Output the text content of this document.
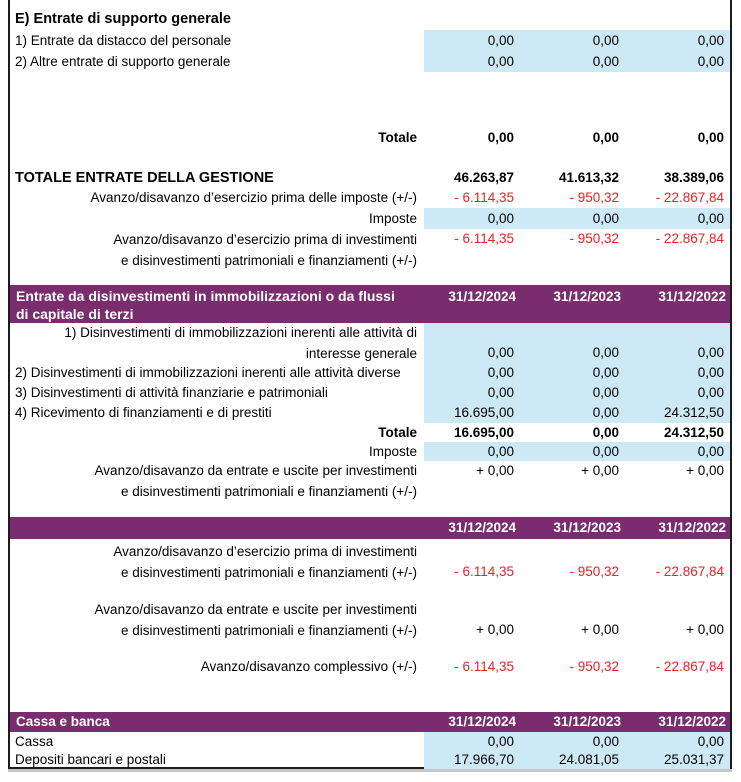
E) Entrate di supporto generale
1) Entrate da distacco del personale	0,00	0,00	0,00
2) Altre entrate di supporto generale	0,00	0,00	0,00
Totale	0,00	0,00	0,00
TOTALE ENTRATE DELLA GESTIONE	46.263,87	41.613,32	38.389,06
Avanzo/disavanzo d’esercizio prima delle imposte (+/-)	- 6.114,35	- 950,32	- 22.867,84
Imposte	0,00	0,00	0,00
Avanzo/disavanzo d’esercizio prima di investimenti
e disinvestimenti patrimoniali e finanziamenti (+/-)
- 6.114,35	- 950,32	- 22.867,84
Entrate da disinvestimenti in immobilizzazioni o da flussi
di capitale di terzi
31/12/2024	31/12/2023	31/12/2022
1) Disinvestimenti di immobilizzazioni inerenti alle attività di
interesse generale	0,00	0,00	0,00
2) Disinvestimenti di immobilizzazioni inerenti alle attività diverse	0,00	0,00	0,00
3) Disinvestimenti di attività finanziarie e patrimoniali	0,00	0,00	0,00
4) Ricevimento di finanziamenti e di prestiti	16.695,00	0,00	24.312,50
Totale	16.695,00	0,00	24.312,50
Imposte	0,00	0,00	0,00
Avanzo/disavanzo da entrate e uscite per investimenti
e disinvestimenti patrimoniali e finanziamenti (+/-)
+ 0,00	+ 0,00	+ 0,00
31/12/2024	31/12/2023	31/12/2022
Avanzo/disavanzo d’esercizio prima di investimenti
e disinvestimenti patrimoniali e finanziamenti (+/-)	- 6.114,35	- 950,32	- 22.867,84
Avanzo/disavanzo da entrate e uscite per investimenti
e disinvestimenti patrimoniali e finanziamenti (+/-)	+ 0,00	+ 0,00	+ 0,00
Avanzo/disavanzo complessivo (+/-)	- 6.114,35	- 950,32	- 22.867,84
Cassa e banca	31/12/2024	31/12/2023	31/12/2022
Cassa	0,00	0,00	0,00
Depositi bancari e postali	17.966,70	24.081,05	25.031,37
